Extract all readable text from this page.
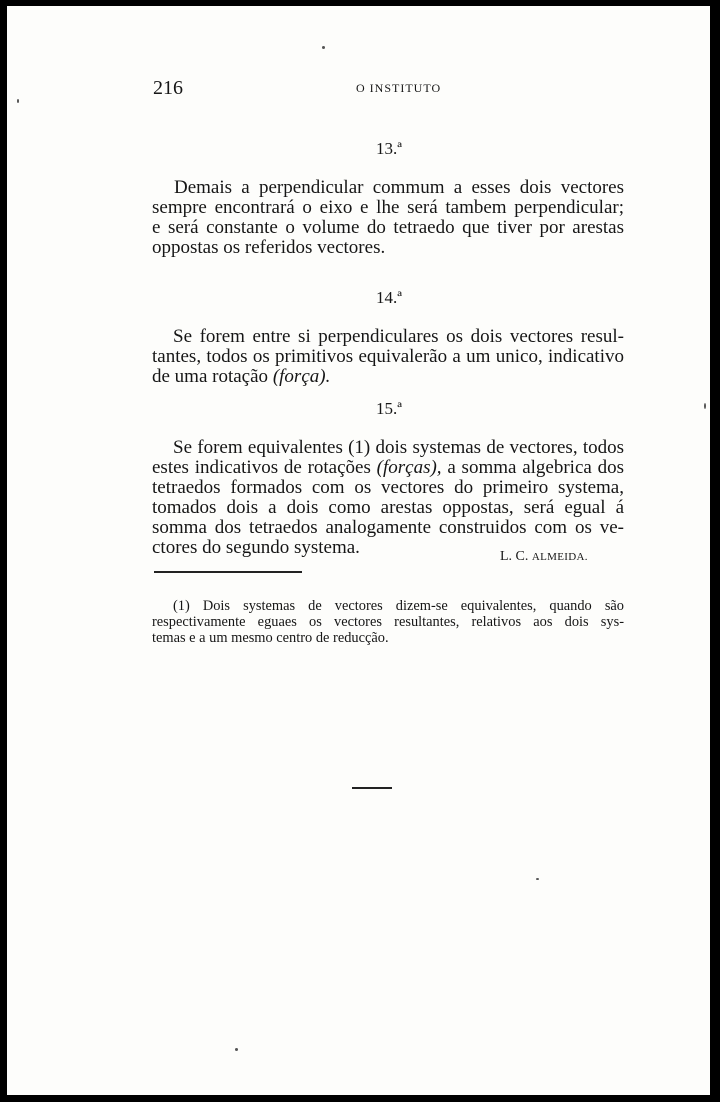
216	O INSTITUTO
13.ª
Demais a perpendicular commum a esses dois vectores
sempre encontrará o eixo e lhe será tambem perpendicular;
e será constante o volume do tetraedo que tiver por arestas
oppostas os referidos vectores.
14.ª
Se forem entre si perpendiculares os dois vectores resul-
tantes, todos os primitivos equivalerão a um unico, indicativo
de uma rotação (força).
15.ª
Se forem equivalentes (1) dois systemas de vectores, todos
estes indicativos de rotações (forças), a somma algebrica dos
tetraedos formados com os vectores do primeiro systema,
tomados dois a dois como arestas oppostas, será egual á
somma dos tetraedos analogamente construidos com os ve-
ctores do segundo systema.	L. C. ALMEIDA.
(1) Dois systemas de vectores dizem-se equivalentes, quando são
respectivamente eguaes os vectores resultantes, relativos aos dois sys-
temas e a um mesmo centro de reducção.
